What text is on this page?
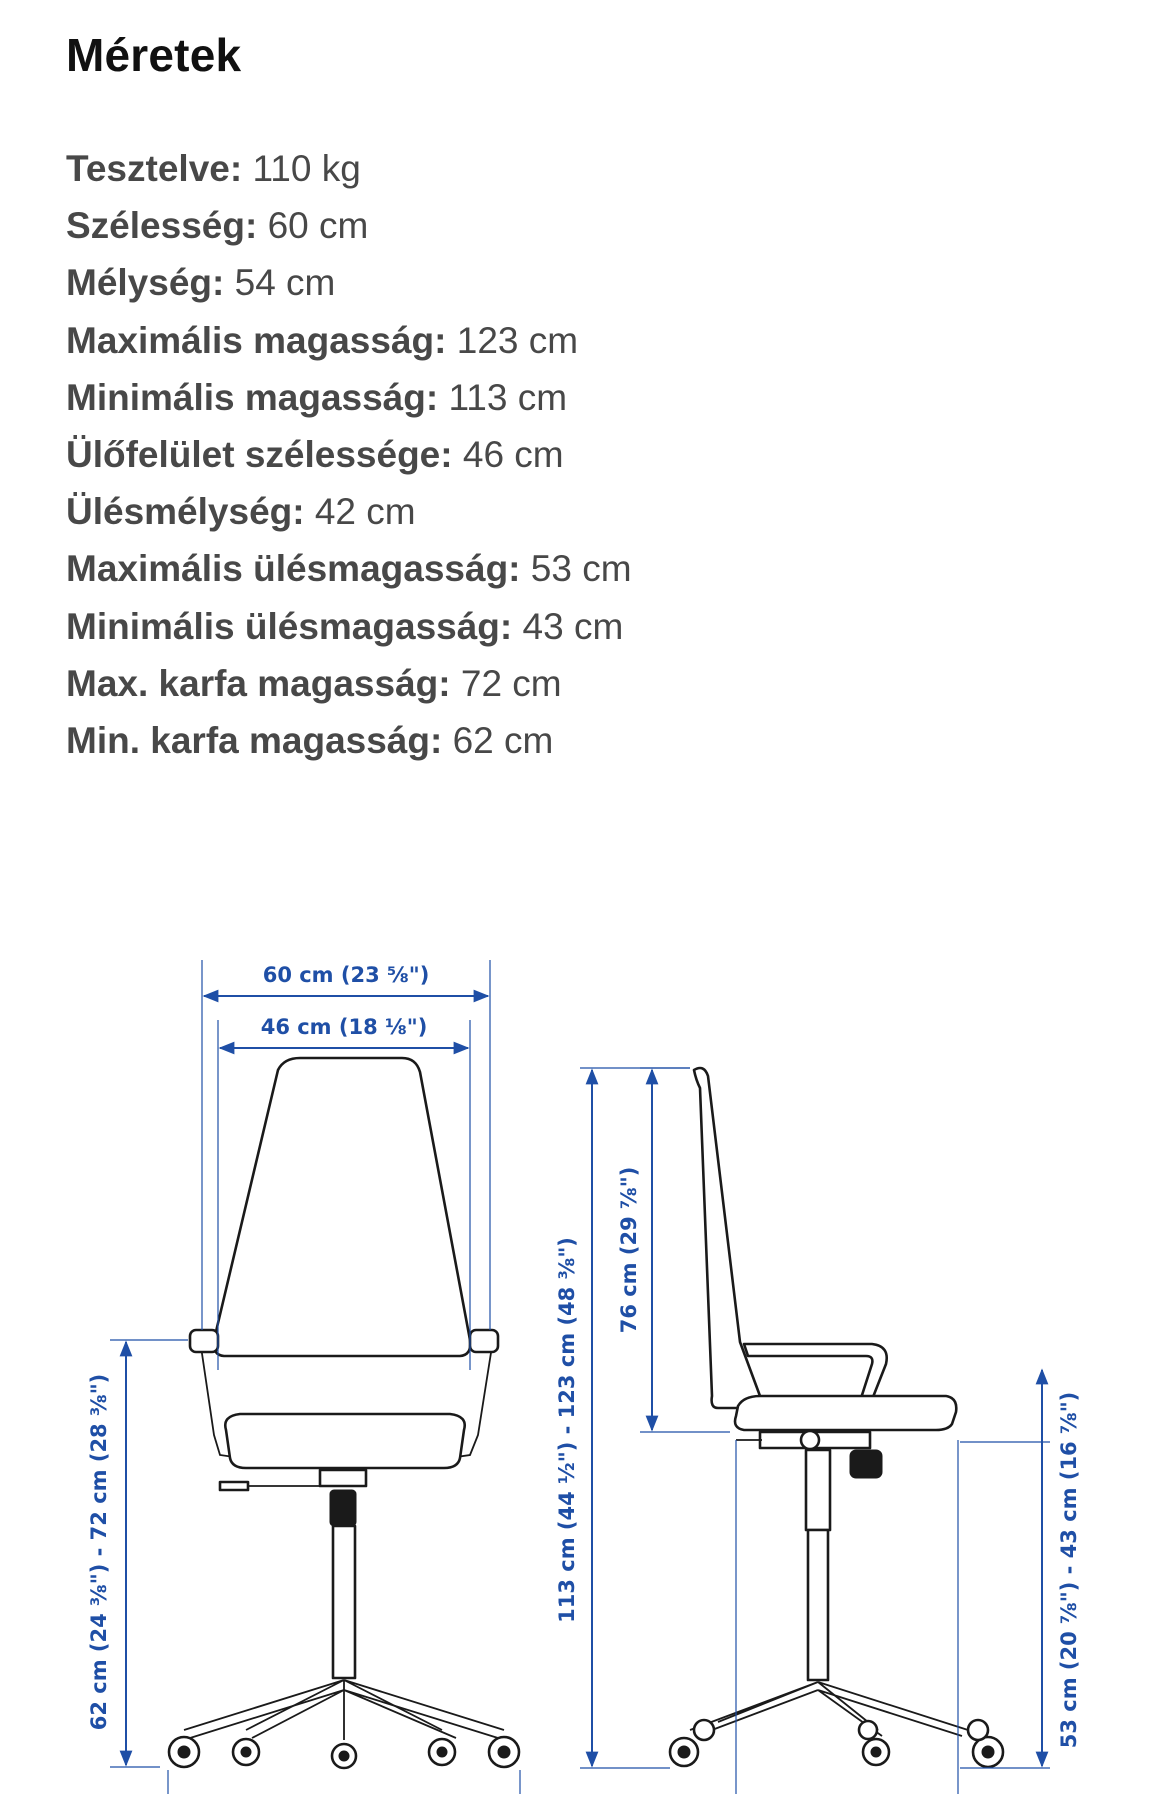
Méretek
Tesztelve: 110 kg
Szélesség: 60 cm
Mélység: 54 cm
Maximális magasság: 123 cm
Minimális magasság: 113 cm
Ülőfelület szélessége: 46 cm
Ülésmélység: 42 cm
Maximális ülésmagasság: 53 cm
Minimális ülésmagasság: 43 cm
Max. karfa magasság: 72 cm
Min. karfa magasság: 62 cm
60 cm (23 ⅝")
46 cm (18 ⅛")
62 cm (24 ⅜") - 72 cm (28 ⅜")	113 cm (44 ½") - 123 cm (48 ⅜") 76 cm (29 ⅞")
53 cm (20 ⅞") - 43 cm (16 ⅞")
